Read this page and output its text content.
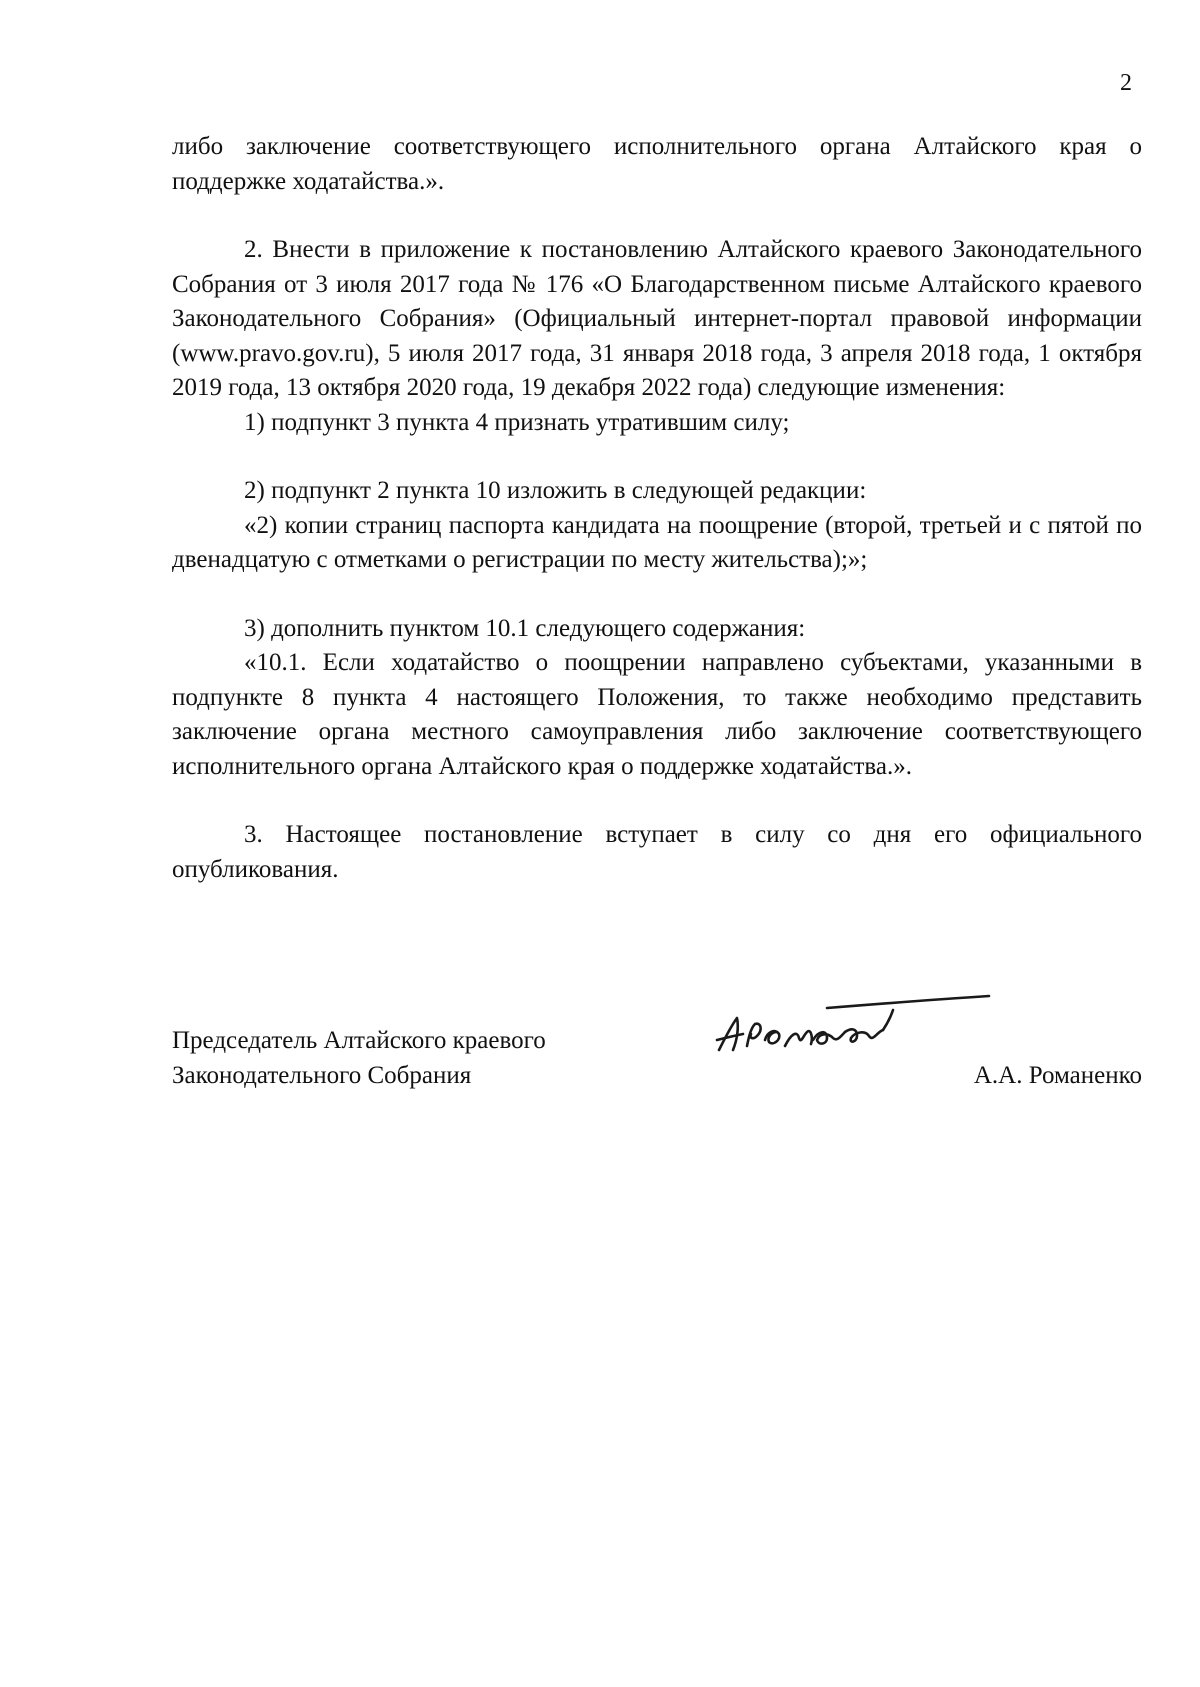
2

либо заключение соответствующего исполнительного органа Алтайского края о поддержке ходатайства.».

2. Внести в приложение к постановлению Алтайского краевого Законодательного Собрания от 3 июля 2017 года № 176 «О Благодарственном письме Алтайского краевого Законодательного Собрания» (Официальный интернет-портал правовой информации (www.pravo.gov.ru), 5 июля 2017 года, 31 января 2018 года, 3 апреля 2018 года, 1 октября 2019 года, 13 октября 2020 года, 19 декабря 2022 года) следующие изменения:

1) подпункт 3 пункта 4 признать утратившим силу;

2) подпункт 2 пункта 10 изложить в следующей редакции:

«2) копии страниц паспорта кандидата на поощрение (второй, третьей и с пятой по двенадцатую с отметками о регистрации по месту жительства);»;

3) дополнить пунктом 10.1 следующего содержания:

«10.1. Если ходатайство о поощрении направлено субъектами, указанными в подпункте 8 пункта 4 настоящего Положения, то также необходимо представить заключение органа местного самоуправления либо заключение соответствующего исполнительного органа Алтайского края о поддержке ходатайства.».

3. Настоящее постановление вступает в силу со дня его официального опубликования.

Председатель Алтайского краевого
Законодательного Собрания	А.А. Романенко
